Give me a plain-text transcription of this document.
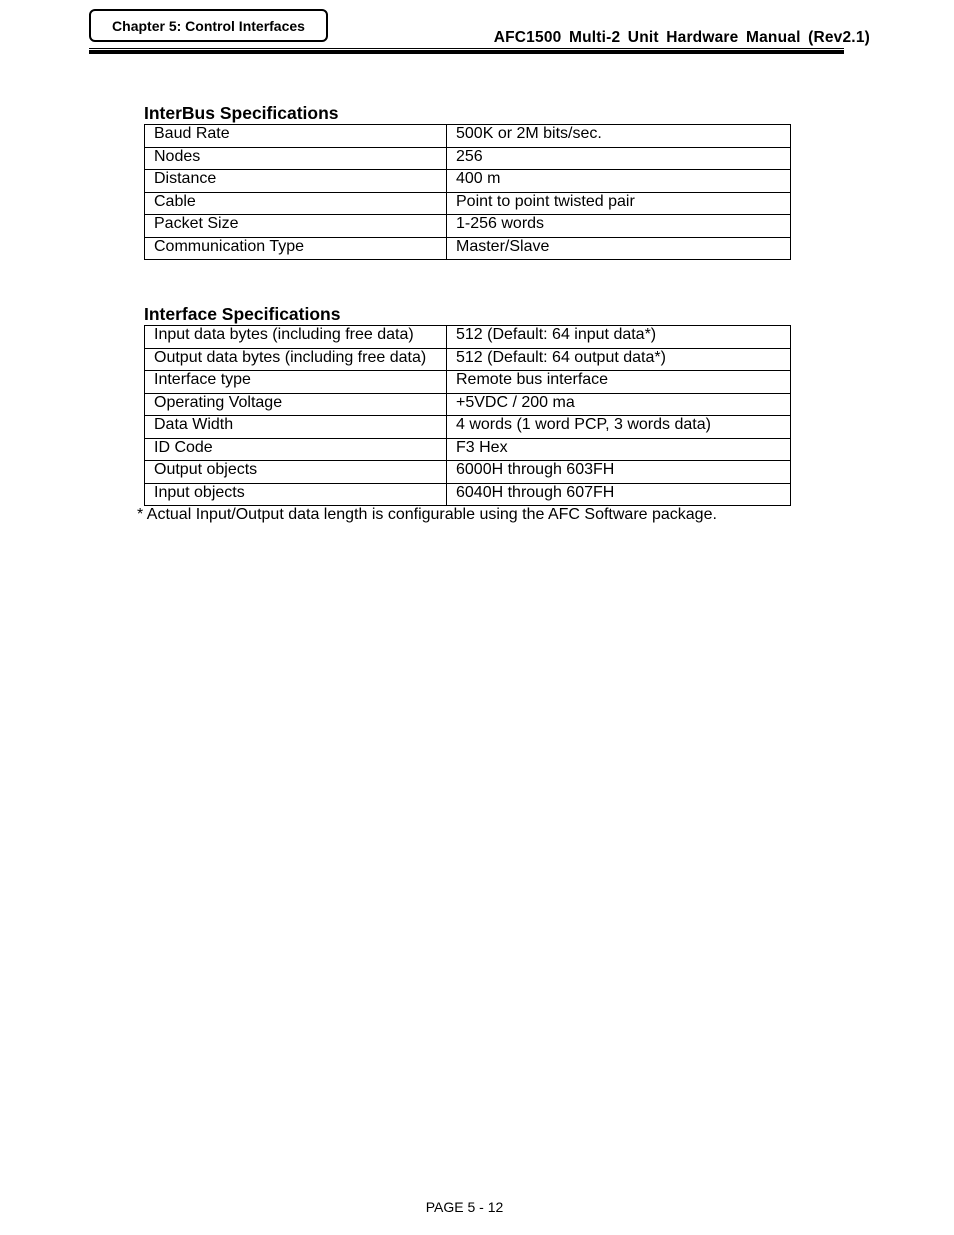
Chapter 5: Control Interfaces
AFC1500 Multi-2 Unit Hardware Manual (Rev2.1)
InterBus Specifications
Baud Rate	500K or 2M bits/sec.
Nodes	256
Distance	400 m
Cable	Point to point twisted pair
Packet Size	1-256 words
Communication Type	Master/Slave
Interface Specifications
Input data bytes (including free data)	512 (Default: 64 input data*)
Output data bytes (including free data)	512 (Default: 64 output data*)
Interface type	Remote bus interface
Operating Voltage	+5VDC / 200 ma
Data Width	4 words (1 word PCP, 3 words data)
ID Code	F3 Hex
Output objects	6000H through 603FH
Input objects	6040H through 607FH
* Actual Input/Output data length is configurable using the AFC Software package.
PAGE 5 - 12
